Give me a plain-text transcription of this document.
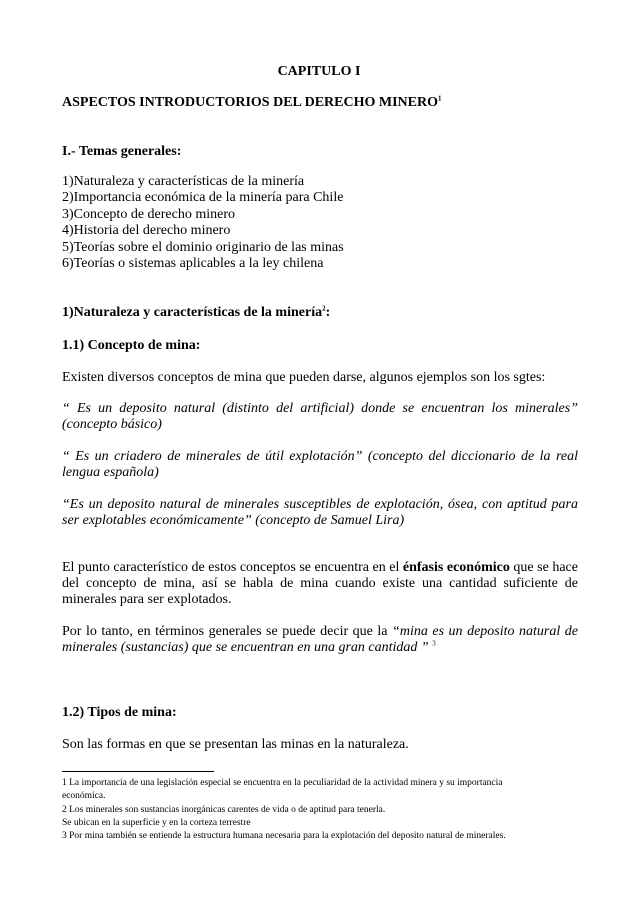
CAPITULO I
ASPECTOS INTRODUCTORIOS DEL DERECHO MINERO$^1$
I.- Temas generales:
1)Naturaleza y características de la minería
2)Importancia económica de la minería para Chile
3)Concepto de derecho minero
4)Historia del derecho minero
5)Teorías sobre el dominio originario de las minas
6)Teorías o sistemas aplicables a la ley chilena
1)Naturaleza y características de la minería$^2$:
1.1) Concepto de mina:
Existen diversos conceptos de mina que pueden darse, algunos ejemplos son los sgtes:
“ Es un deposito natural (distinto del artificial) donde se encuentran los minerales”
(concepto básico)
“ Es un criadero de minerales de útil explotación” (concepto del diccionario de la real
lengua española)
“Es un deposito natural de minerales susceptibles de explotación, ósea, con aptitud para
ser explotables económicamente” (concepto de Samuel Lira)
El punto característico de estos conceptos se encuentra en el énfasis económico que se hace
del concepto de mina, así se habla de mina cuando existe una cantidad suficiente de
minerales para ser explotados.
Por lo tanto, en términos generales se puede decir que la “mina es un deposito natural de
minerales (sustancias) que se encuentran en una gran cantidad ” $^3$
1.2) Tipos de mina:
Son las formas en que se presentan las minas en la naturaleza.
1 La importancia de una legislación especial se encuentra en la peculiaridad de la actividad minera y su importancia
económica.
2 Los minerales son sustancias inorgánicas carentes de vida o de aptitud para tenerla.
Se ubican en la superficie y en la corteza terrestre
3 Por mina también se entiende la estructura humana necesaria para la explotación del deposito natural de minerales.
